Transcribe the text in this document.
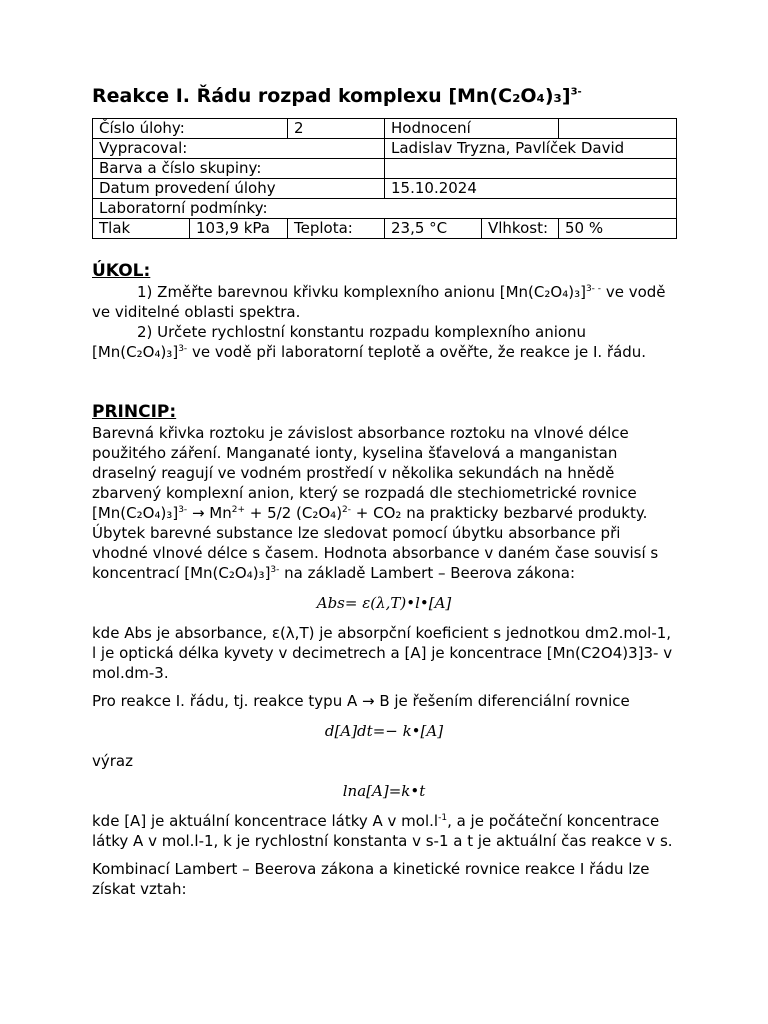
Reakce I. Řádu rozpad komplexu $[Mn(C_2O_4)_3]^{3-}$
Číslo úlohy:		2	Hodnocení		
Vypracoval:			Ladislav Tryzna, Pavlíček David		
Barva a číslo skupiny:					
Datum provedení úlohy			15.10.2024		
Laboratorní podmínky:					
Tlak	103,9 kPa	Teplota:	23,5 °C	Vlhkost:	50 %
ÚKOL:

1) Změřte barevnou křivku komplexního anionu $[Mn(C_2O_4)_3]^{3- -}$ ve vodě ve viditelné oblasti spektra.

2) Určete rychlostní konstantu rozpadu komplexního anionu $[Mn(C_2O_4)_3]^{3-}$ ve vodě při laboratorní teplotě a ověřte, že reakce je I. řádu.

PRINCIP:

Barevná křivka roztoku je závislost absorbance roztoku na vlnové délce použitého záření. Manganaté ionty, kyselina šťavelová a manganistan draselný reagují ve vodném prostředí v několika sekundách na hnědě zbarvený komplexní anion, který se rozpadá dle stechiometrické rovnice $[Mn(C_2O_4)_3]^{3-} \to Mn^{2+} + 5/2$ $(C_2O_4)^{2-} + CO_2$ na prakticky bezbarvé produkty. Úbytek barevné substance lze sledovat pomocí úbytku absorbance při vhodné vlnové délce s časem. Hodnota absorbance v daném čase souvisí s koncentrací $[Mn(C_2O_4)_3]^{3-}$ na základě Lambert – Beerova zákona:

Abs= ε(λ,T)•l•[A]

kde Abs je absorbance, ε(λ,T) je absorpční koeficient s jednotkou dm2.mol-1, l je optická délka kyvety v decimetrech a [A] je koncentrace [Mn(C2O4)3]3- v mol.dm-3.

Pro reakce I. řádu, tj. reakce typu A → B je řešením diferenciální rovnice

d[A]dt=− k•[A]

výraz

lna[A]=k•t

kde [A] je aktuální koncentrace látky A v $mol.l^{-1}$, a je počáteční koncentrace látky A v mol.l-1, k je rychlostní konstanta v s-1 a t je aktuální čas reakce v s.

Kombinací Lambert – Beerova zákona a kinetické rovnice reakce I řádu lze získat vztah:
